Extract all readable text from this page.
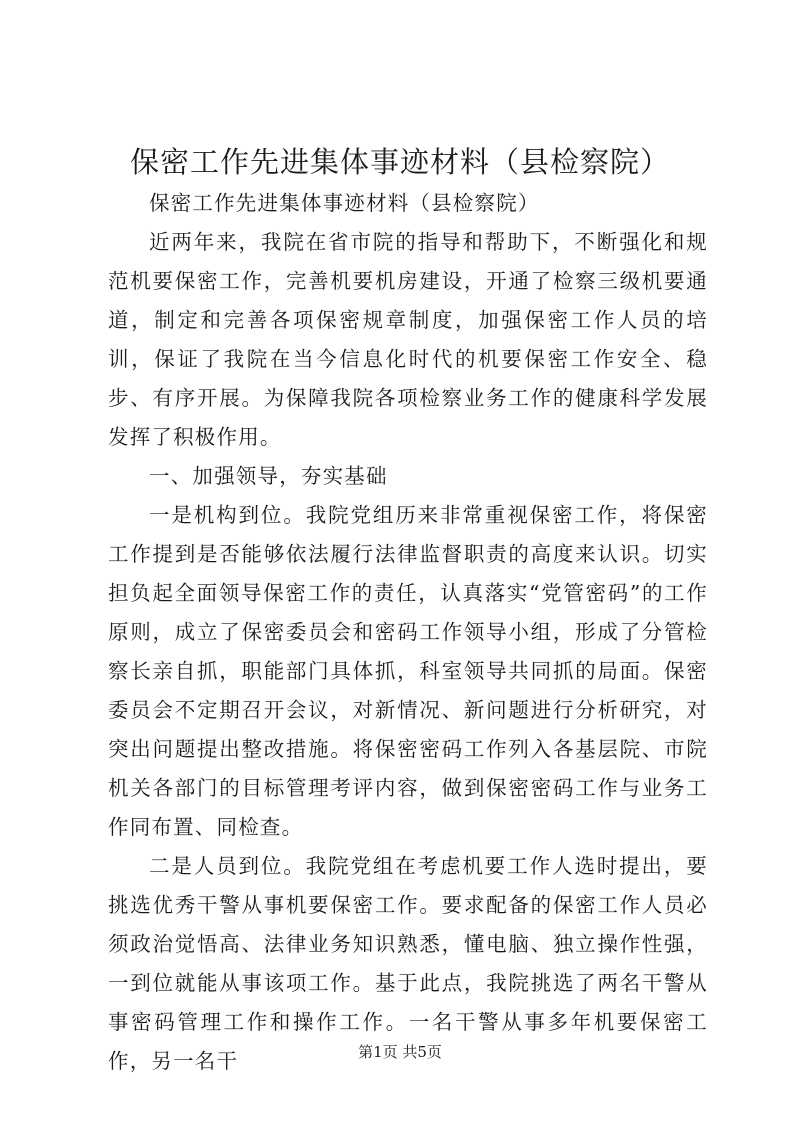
保密工作先进集体事迹材料（县检察院）

保密工作先进集体事迹材料（县检察院）

近两年来，我院在省市院的指导和帮助下，不断强化和规范机要保密工作，完善机要机房建设，开通了检察三级机要通道，制定和完善各项保密规章制度，加强保密工作人员的培训，保证了我院在当今信息化时代的机要保密工作安全、稳步、有序开展。为保障我院各项检察业务工作的健康科学发展发挥了积极作用。

一、加强领导，夯实基础

一是机构到位。我院党组历来非常重视保密工作，将保密工作提到是否能够依法履行法律监督职责的高度来认识。切实担负起全面领导保密工作的责任，认真落实“党管密码”的工作原则，成立了保密委员会和密码工作领导小组，形成了分管检察长亲自抓，职能部门具体抓，科室领导共同抓的局面。保密委员会不定期召开会议，对新情况、新问题进行分析研究，对突出问题提出整改措施。将保密密码工作列入各基层院、市院机关各部门的目标管理考评内容，做到保密密码工作与业务工作同布置、同检查。

二是人员到位。我院党组在考虑机要工作人选时提出，要挑选优秀干警从事机要保密工作。要求配备的保密工作人员必须政治觉悟高、法律业务知识熟悉，懂电脑、独立操作性强，一到位就能从事该项工作。基于此点，我院挑选了两名干警从事密码管理工作和操作工作。一名干警从事多年机要保密工作，另一名干	第1页 共5页
